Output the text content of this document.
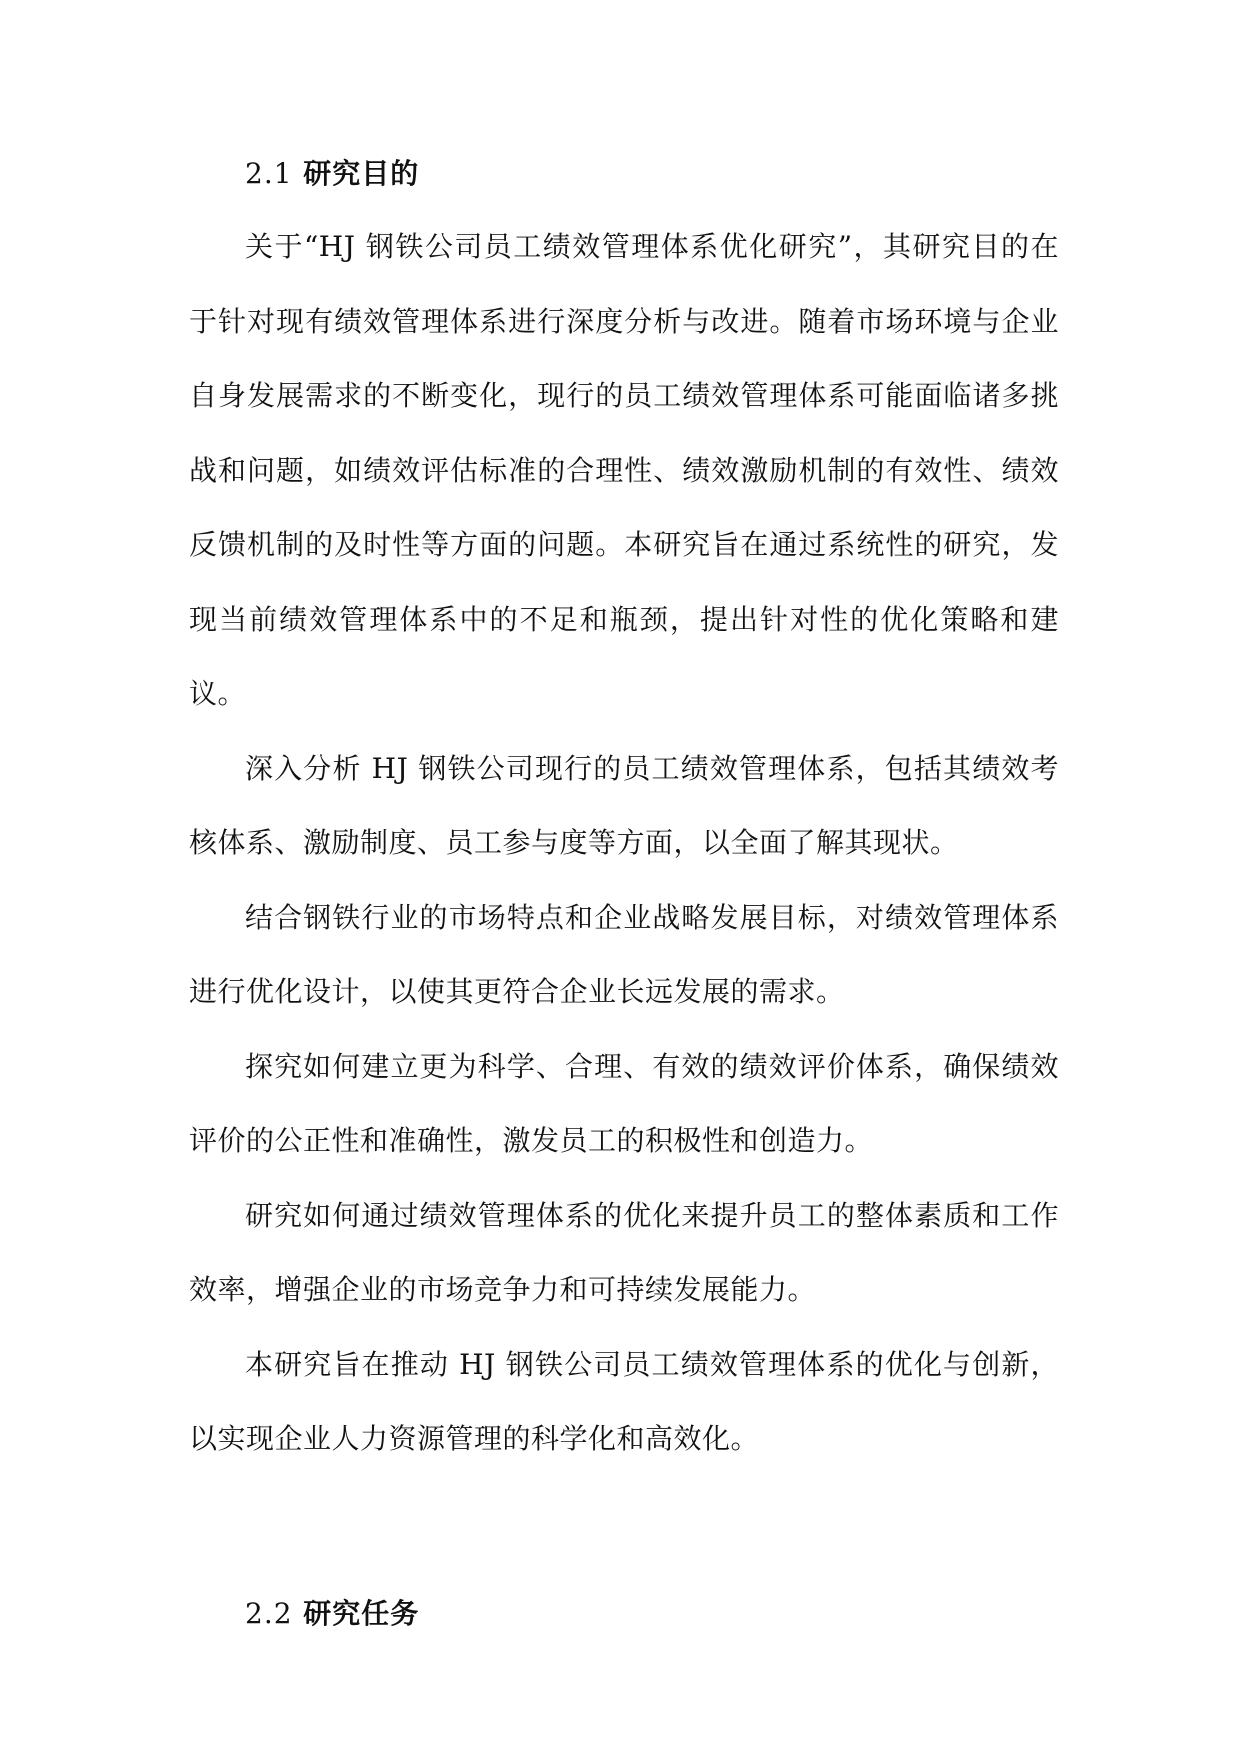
2.1 研究目的

关于“HJ 钢铁公司员工绩效管理体系优化研究”，其研究目的在于针对现有绩效管理体系进行深度分析与改进。随着市场环境与企业自身发展需求的不断变化，现行的员工绩效管理体系可能面临诸多挑战和问题，如绩效评估标准的合理性、绩效激励机制的有效性、绩效反馈机制的及时性等方面的问题。本研究旨在通过系统性的研究，发现当前绩效管理体系中的不足和瓶颈，提出针对性的优化策略和建议。

深入分析 HJ 钢铁公司现行的员工绩效管理体系，包括其绩效考核体系、激励制度、员工参与度等方面，以全面了解其现状。

结合钢铁行业的市场特点和企业战略发展目标，对绩效管理体系进行优化设计，以使其更符合企业长远发展的需求。

探究如何建立更为科学、合理、有效的绩效评价体系，确保绩效评价的公正性和准确性，激发员工的积极性和创造力。

研究如何通过绩效管理体系的优化来提升员工的整体素质和工作效率，增强企业的市场竞争力和可持续发展能力。

本研究旨在推动 HJ 钢铁公司员工绩效管理体系的优化与创新，以实现企业人力资源管理的科学化和高效化。

2.2 研究任务
